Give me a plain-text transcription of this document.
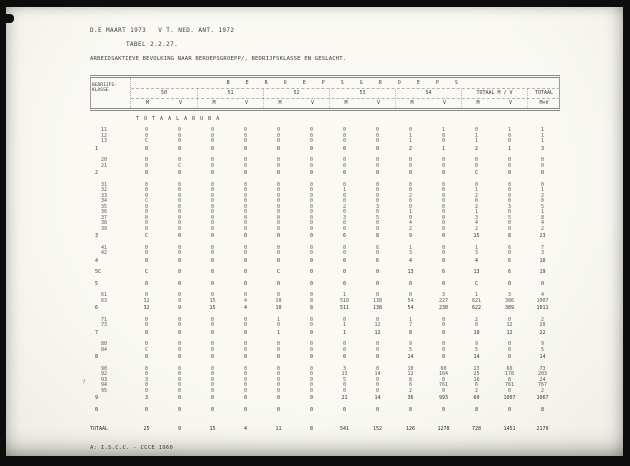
D.E MAART 1973   V T. NED. ANT. 1972
TABEL 2.2.27.
ARBEIDSAKTIEVE BEVOLKING NAAR BEROEPSGROEPP/, BEDRIJFSKLASSE EN GESLACHT.
BEDRIJFS-
KLASSE
B E R O E P S G R O E P S
50	51	52	53	54	TOTAAL M / V	TOTAAL
M	V	M	V	M	V	M	V	M	V	M	V	M+V
T O T A A L A R U B A
11	0	0	0	0	0	0	0	0	0	1	0	1	1
12	0	0	0	0	0	0	0	0	1	0	1	0	1
13	C	0	0	0	0	0	0	0	1	0	1	0	1
1	0	0	0	0	0	0	0	0	2	1	2	1	3
20	0	0	0	0	0	0	0	0	0	0	0	0	0
21	0	C	0	0	0	0	0	0	0	0	0	0	0
2	0	0	0	0	0	0	0	0	0	0	C	0	0
31	0	0	0	0	0	0	0	0	0	0	0	0	0
32	0	0	0	0	0	0	1	0	0	0	1	0	1
33	0	0	0	0	0	0	0	0	2	0	2	0	2
34	C	0	0	0	0	0	0	0	0	0	0	0	0
35	0	0	0	0	0	0	2	3	0	0	2	3	5
36	0	0	0	0	0	0	0	0	1	0	1	0	1
37	0	0	0	0	0	0	3	5	0	0	3	5	8
38	0	0	0	0	0	0	0	0	4	0	4	0	4
39	0	0	0	0	0	0	0	0	2	0	2	0	2
3	C	0	0	0	0	0	6	8	9	0	15	8	23
41	0	0	0	0	0	0	0	6	1	0	1	6	7
42	0	0	0	0	0	0	0	0	3	0	3	0	3
4	0	0	0	0	0	0	0	6	4	0	4	6	10
5C	C	0	0	0	C	0	0	0	13	6	13	6	19
5	0	0	0	0	0	0	0	0	0	0	C	0	0
61	0	0	0	0	0	0	1	0	0	3	1	3	4
63	32	9	15	4	10	8	510	138	54	227	621	386	1007
6	32	9	15	4	10	8	511	138	54	230	622	389	1011
71	0	0	0	0	1	0	0	0	1	0	2	0	2
73	0	0	0	0	0	0	1	12	7	0	8	12	20
7	0	0	0	0	1	0	1	12	8	0	10	12	22
80	0	0	0	0	0	0	0	0	9	0	9	0	9
84	C	0	0	0	0	0	0	0	5	0	5	0	5
8	0	0	0	0	0	0	0	0	14	0	14	0	14
90	0	0	0	0	0	0	3	0	10	60	13	60	73
92	0	0	0	0	0	0	13	14	12	164	25	178	203
93	3	0	0	0	0	0	5	0	8	8	16	8	24
94	0	0	0	0	0	0	0	0	6	761	6	761	767
95	0	0	0	0	0	0	0	0	2	0	2	0	2
9	3	0	0	0	0	0	21	14	36	993	60	1007	1067
0	0	0	0	0	0	0	0	0	8	0	8	0	8
TOTAAL	25	9	15	4	11	8	541	152	126	1278	728	1451	2179
A: I.S.C.C. - CCCE 1960
?
